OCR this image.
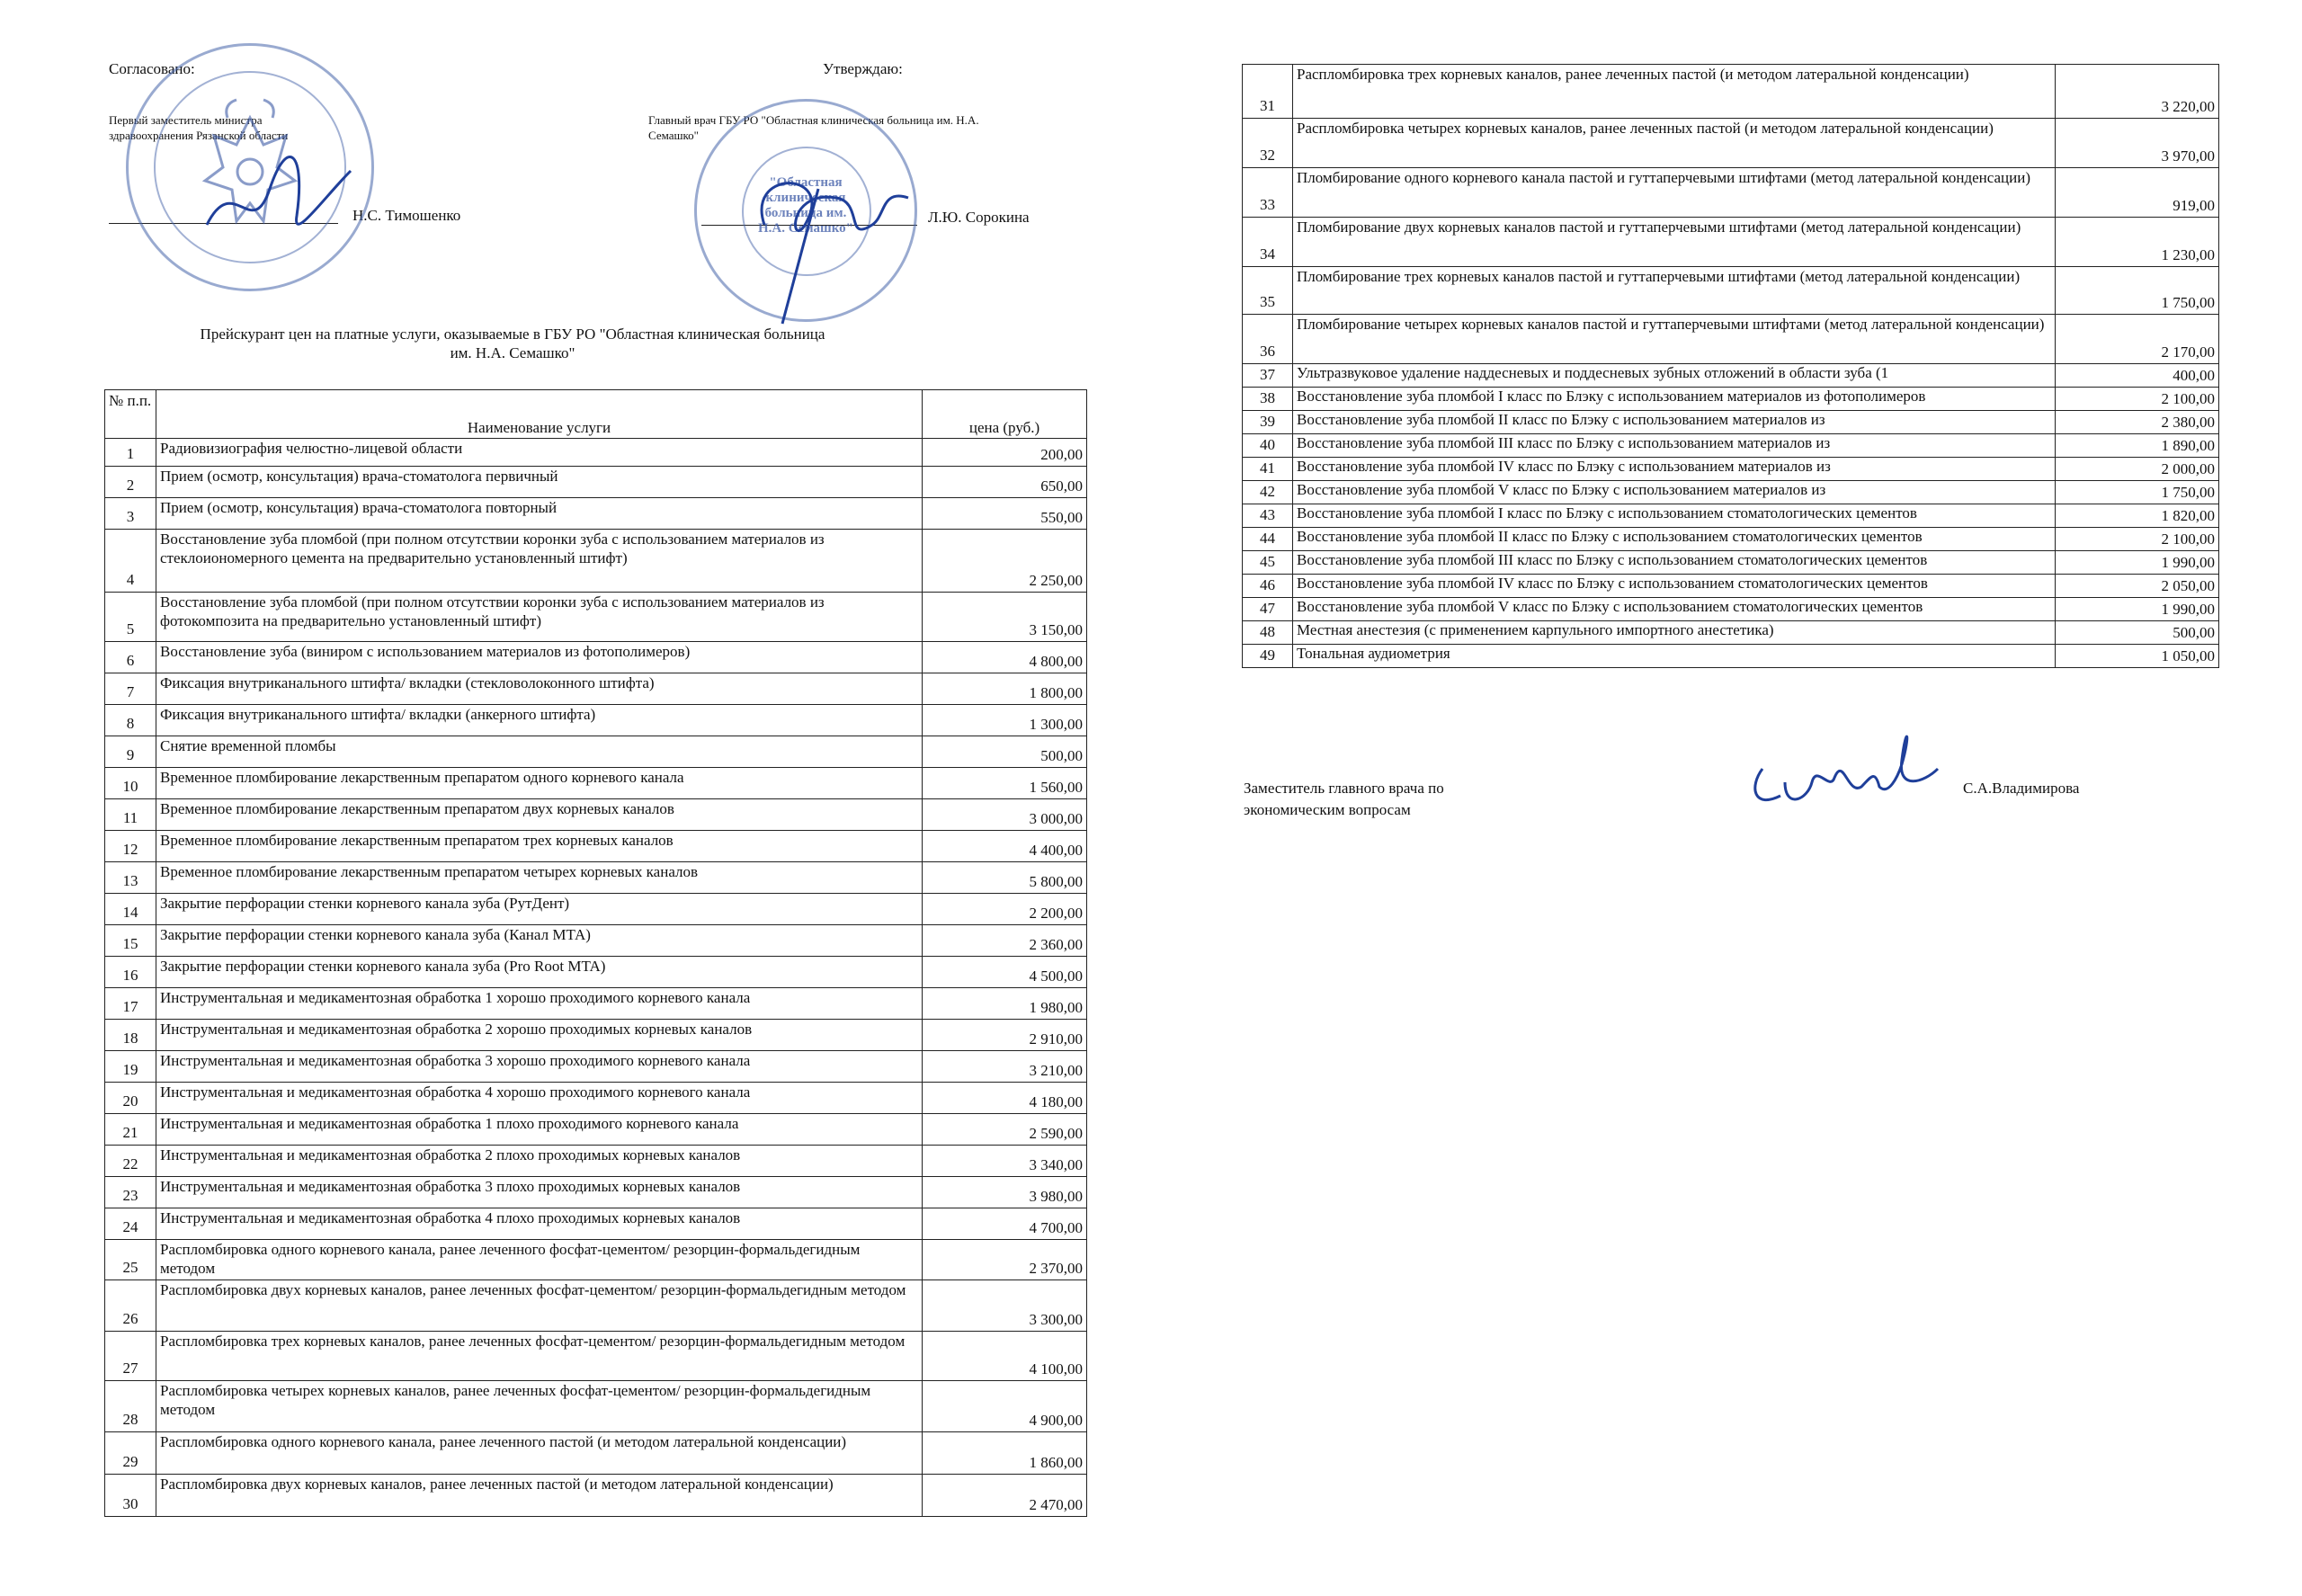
Согласовано:
Первый заместитель министра
здравоохранения Рязанской области
Н.С. Тимошенко
Утверждаю:
Главный врач ГБУ РО "Областная клиническая больница им. Н.А.
Семашко"
Л.Ю. Сорокина
"Областная клиническая больница им. Н.А. Семашко"
Прейскурант цен на платные услуги, оказываемые в ГБУ РО "Областная клиническая больница
им. Н.А. Семашко"
№ п.п.	Наименование услуги	цена (руб.)
1	Радиовизиография челюстно-лицевой области	200,00
2	Прием (осмотр, консультация) врача-стоматолога первичный	650,00
3	Прием (осмотр, консультация) врача-стоматолога повторный	550,00
4	Восстановление зуба пломбой (при полном отсутствии коронки зуба с использованием материалов из стеклоиономерного цемента на предварительно установленный штифт)	2 250,00
5	Восстановление зуба пломбой (при полном отсутствии коронки зуба с использованием материалов из фотокомпозита на предварительно установленный штифт)	3 150,00
6	Восстановление зуба (виниром с использованием материалов из фотополимеров)	4 800,00
7	Фиксация внутриканального штифта/ вкладки (стекловолоконного штифта)	1 800,00
8	Фиксация внутриканального штифта/ вкладки (анкерного штифта)	1 300,00
9	Снятие временной пломбы	500,00
10	Временное пломбирование лекарственным препаратом одного корневого канала	1 560,00
11	Временное пломбирование лекарственным препаратом двух корневых каналов	3 000,00
12	Временное пломбирование лекарственным препаратом трех корневых каналов	4 400,00
13	Временное пломбирование лекарственным препаратом четырех корневых каналов	5 800,00
14	Закрытие перфорации стенки корневого канала зуба (РутДент)	2 200,00
15	Закрытие перфорации стенки корневого канала зуба (Канал МТА)	2 360,00
16	Закрытие перфорации стенки корневого канала зуба (Pro Root MTA)	4 500,00
17	Инструментальная и медикаментозная обработка 1 хорошо проходимого корневого канала	1 980,00
18	Инструментальная и медикаментозная обработка 2 хорошо проходимых корневых каналов	2 910,00
19	Инструментальная и медикаментозная обработка 3 хорошо проходимого корневого канала	3 210,00
20	Инструментальная и медикаментозная обработка 4 хорошо проходимого корневого канала	4 180,00
21	Инструментальная и медикаментозная обработка 1 плохо проходимого корневого канала	2 590,00
22	Инструментальная и медикаментозная обработка 2 плохо проходимых корневых каналов	3 340,00
23	Инструментальная и медикаментозная обработка 3 плохо проходимых корневых каналов	3 980,00
24	Инструментальная и медикаментозная обработка 4 плохо проходимых корневых каналов	4 700,00
25	Распломбировка одного корневого канала, ранее леченного фосфат-цементом/ резорцин-формальдегидным методом	2 370,00
26	Распломбировка двух корневых каналов, ранее леченных фосфат-цементом/ резорцин-формальдегидным методом	3 300,00
27	Распломбировка трех корневых каналов, ранее леченных фосфат-цементом/ резорцин-формальдегидным методом	4 100,00
28	Распломбировка четырех корневых каналов, ранее леченных фосфат-цементом/ резорцин-формальдегидным методом	4 900,00
29	Распломбировка одного корневого канала, ранее леченного пастой (и методом латеральной конденсации)	1 860,00
30	Распломбировка двух корневых каналов, ранее леченных пастой (и методом латеральной конденсации)	2 470,00
31	Распломбировка трех корневых каналов, ранее леченных пастой (и методом латеральной конденсации)	3 220,00
32	Распломбировка четырех корневых каналов, ранее леченных пастой (и методом латеральной конденсации)	3 970,00
33	Пломбирование одного корневого канала пастой и гуттаперчевыми штифтами (метод латеральной конденсации)	919,00
34	Пломбирование двух корневых каналов пастой и гуттаперчевыми штифтами (метод латеральной конденсации)	1 230,00
35	Пломбирование трех корневых каналов пастой и гуттаперчевыми штифтами (метод латеральной конденсации)	1 750,00
36	Пломбирование четырех корневых каналов пастой и гуттаперчевыми штифтами (метод латеральной конденсации)	2 170,00
37	Ультразвуковое удаление наддесневых и поддесневых зубных отложений в области зуба (1	400,00
38	Восстановление зуба пломбой I класс по Блэку с использованием материалов из фотополимеров	2 100,00
39	Восстановление зуба пломбой II класс по Блэку с использованием материалов из	2 380,00
40	Восстановление зуба пломбой III класс по Блэку с использованием материалов из	1 890,00
41	Восстановление зуба пломбой IV класс по Блэку с использованием материалов из	2 000,00
42	Восстановление зуба пломбой V класс по Блэку с использованием материалов из	1 750,00
43	Восстановление зуба пломбой I класс по Блэку с использованием стоматологических цементов	1 820,00
44	Восстановление зуба пломбой II класс по Блэку с использованием стоматологических цементов	2 100,00
45	Восстановление зуба пломбой III класс по Блэку с использованием стоматологических цементов	1 990,00
46	Восстановление зуба пломбой IV класс по Блэку с использованием стоматологических цементов	2 050,00
47	Восстановление зуба пломбой V класс по Блэку с использованием стоматологических цементов	1 990,00
48	Местная анестезия (с применением карпульного импортного анестетика)	500,00
49	Тональная аудиометрия	1 050,00
Заместитель главного врача по
экономическим вопросам
С.А.Владимирова
